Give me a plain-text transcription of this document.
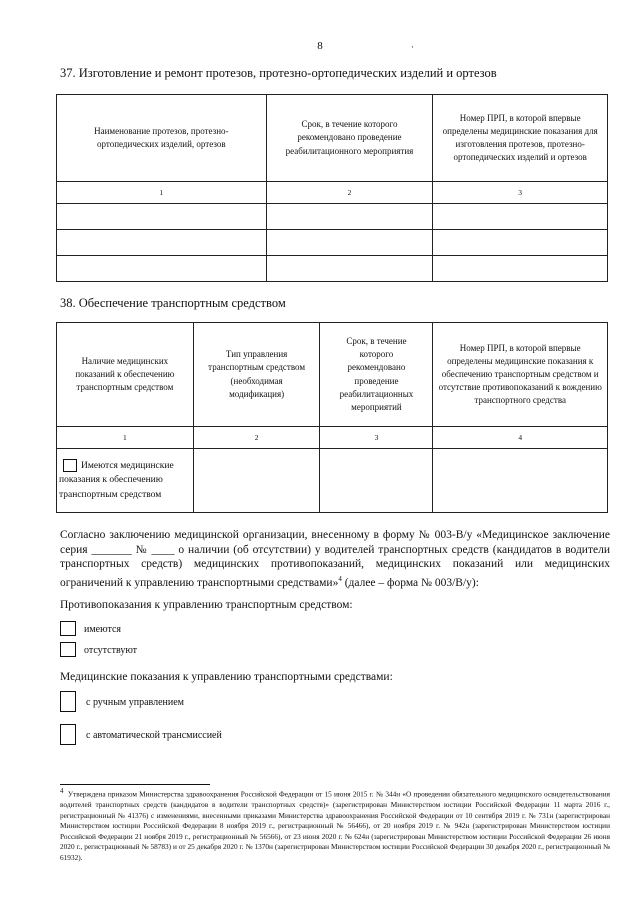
8	·
37. Изготовление и ремонт протезов, протезно-ортопедических изделий и ортезов
Наименование протезов, протезно-ортопедических изделий, ортезов	Срок, в течение которого рекомендовано проведение реабилитационного мероприятия	Номер ПРП, в которой впервые определены медицинские показания для изготовления протезов, протезно-ортопедических изделий и ортезов
1	2	3

38. Обеспечение транспортным средством
Наличие медицинских показаний к обеспечению транспортным средством	Тип управления транспортным средством (необходимая модификация)	Срок, в течение которого рекомендовано проведение реабилитационных мероприятий	Номер ПРП, в которой впервые определены медицинские показания к обеспечению транспортным средством и отсутствие противопоказаний к вождению транспортного средства
1	2	3	4
Имеются медицинские показания к обеспечению транспортным средством			
Согласно заключению медицинской организации, внесенному в форму № 003-В/у «Медицинское заключение серия _______ № ____ о наличии (об отсутствии) у водителей транспортных средств (кандидатов в водители транспортных средств) медицинских противопоказаний, медицинских показаний или медицинских ограничений к управлению транспортными средствами»$^4$ (далее – форма № 003/В/у):
Противопоказания к управлению транспортным средством:
имеются
отсутствуют
Медицинские показания к управлению транспортными средствами:
с ручным управлением
с автоматической трансмиссией
$^4$ Утверждена приказом Министерства здравоохранения Российской Федерации от 15 июня 2015 г. № 344н «О проведении обязательного медицинского освидетельствования водителей транспортных средств (кандидатов в водители транспортных средств)» (зарегистрирован Министерством юстиции Российской Федерации 11 марта 2016 г., регистрационный № 41376) с изменениями, внесенными приказами Министерства здравоохранения Российской Федерации от 10 сентября 2019 г. № 731н (зарегистрирован Министерством юстиции Российской Федерации 8 ноября 2019 г., регистрационный № 56466), от 20 ноября 2019 г. № 942н (зарегистрирован Министерством юстиции Российской Федерации 21 ноября 2019 г., регистрационный № 56566), от 23 июня 2020 г. № 624н (зарегистрирован Министерством юстиции Российской Федерации 26 июня 2020 г., регистрационный № 58783) и от 25 декабря 2020 г. № 1370н (зарегистрирован Министерством юстиции Российской Федерации 30 декабря 2020 г., регистрационный № 61932).
